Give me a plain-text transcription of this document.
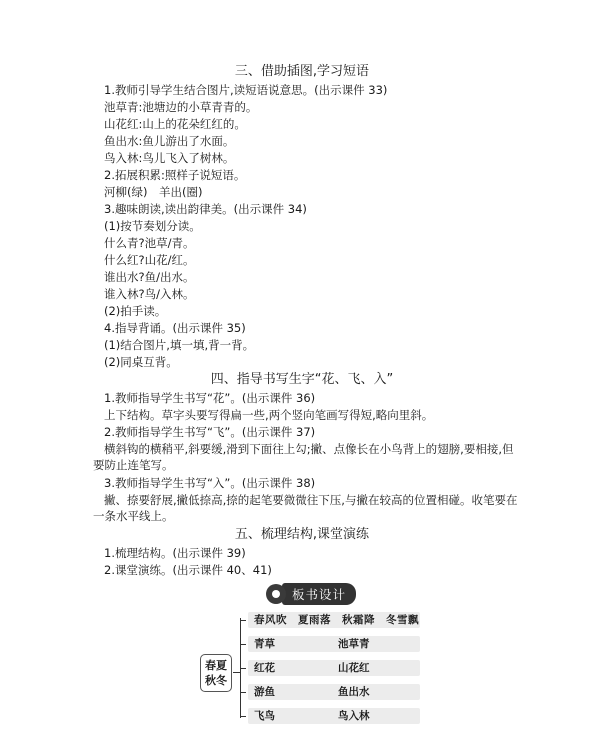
三、借助插图,学习短语
1.教师引导学生结合图片,读短语说意思。(出示课件 33)
池草青:池塘边的小草青青的。
山花红:山上的花朵红红的。
鱼出水:鱼儿游出了水面。
鸟入林:鸟儿飞入了树林。
2.拓展积累:照样子说短语。
河柳(绿)　羊出(圈)
3.趣味朗读,读出韵律美。(出示课件 34)
(1)按节奏划分读。
什么青?池草/青。
什么红?山花/红。
谁出水?鱼/出水。
谁入林?鸟/入林。
(2)拍手读。
4.指导背诵。(出示课件 35)
(1)结合图片,填一填,背一背。
(2)同桌互背。
四、指导书写生字“花、飞、入”
1.教师指导学生书写“花”。(出示课件 36)
上下结构。草字头要写得扁一些,两个竖向笔画写得短,略向里斜。
2.教师指导学生书写“飞”。(出示课件 37)
横斜钩的横稍平,斜要缓,滑到下面往上勾;撇、点像长在小鸟背上的翅膀,要相接,但要防止连笔写。
3.教师指导学生书写“入”。(出示课件 38)
撇、捺要舒展,撇低捺高,捺的起笔要微微往下压,与撇在较高的位置相碰。收笔要在一条水平线上。
五、梳理结构,课堂演练
1.梳理结构。(出示课件 39)
2.课堂演练。(出示课件 40、41)
板书设计
春夏
秋冬
春风吹　夏雨落　秋霜降　冬雪飘
青草	池草青
红花	山花红
游鱼	鱼出水
飞鸟	鸟入林
